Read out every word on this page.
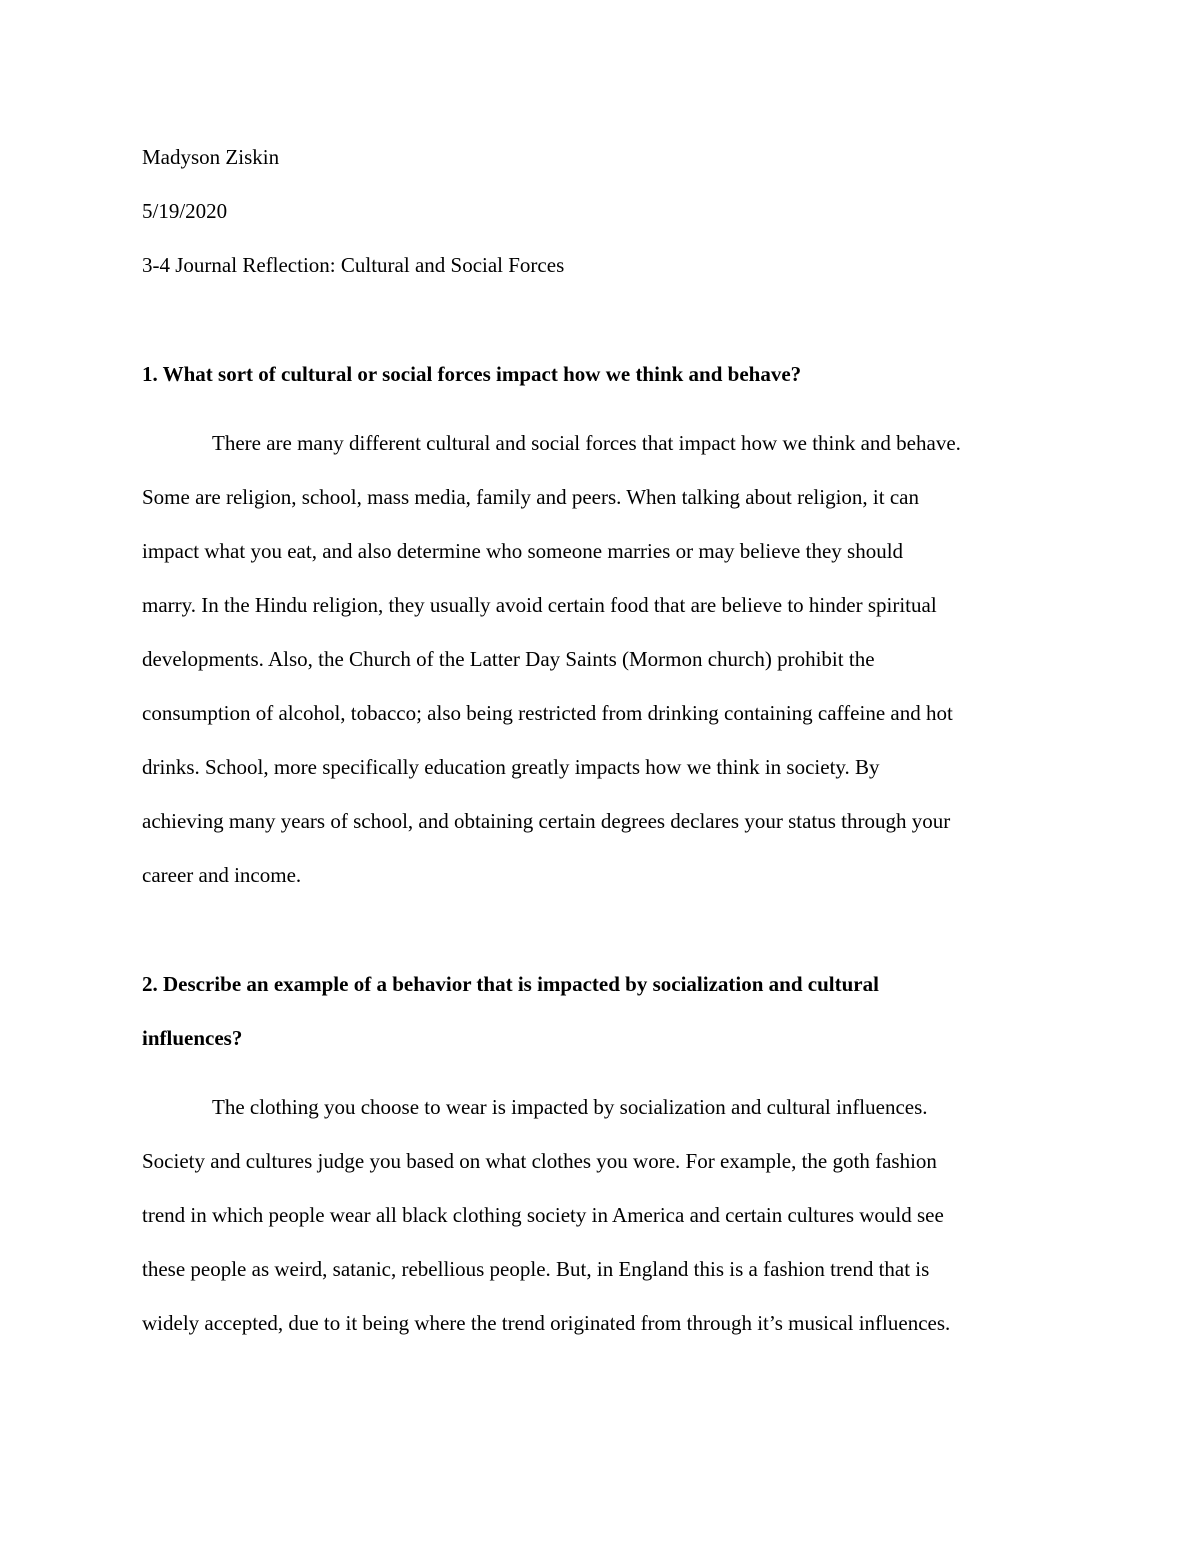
Madyson Ziskin
5/19/2020
3-4 Journal Reflection: Cultural and Social Forces
1. What sort of cultural or social forces impact how we think and behave?
There are many different cultural and social forces that impact how we think and behave.
Some are religion, school, mass media, family and peers. When talking about religion, it can
impact what you eat, and also determine who someone marries or may believe they should
marry. In the Hindu religion, they usually avoid certain food that are believe to hinder spiritual
developments. Also, the Church of the Latter Day Saints (Mormon church) prohibit the
consumption of alcohol, tobacco; also being restricted from drinking containing caffeine and hot
drinks. School, more specifically education greatly impacts how we think in society. By
achieving many years of school, and obtaining certain degrees declares your status through your
career and income.
2. Describe an example of a behavior that is impacted by socialization and cultural
influences?
The clothing you choose to wear is impacted by socialization and cultural influences.
Society and cultures judge you based on what clothes you wore. For example, the goth fashion
trend in which people wear all black clothing society in America and certain cultures would see
these people as weird, satanic, rebellious people. But, in England this is a fashion trend that is
widely accepted, due to it being where the trend originated from through it’s musical influences.
